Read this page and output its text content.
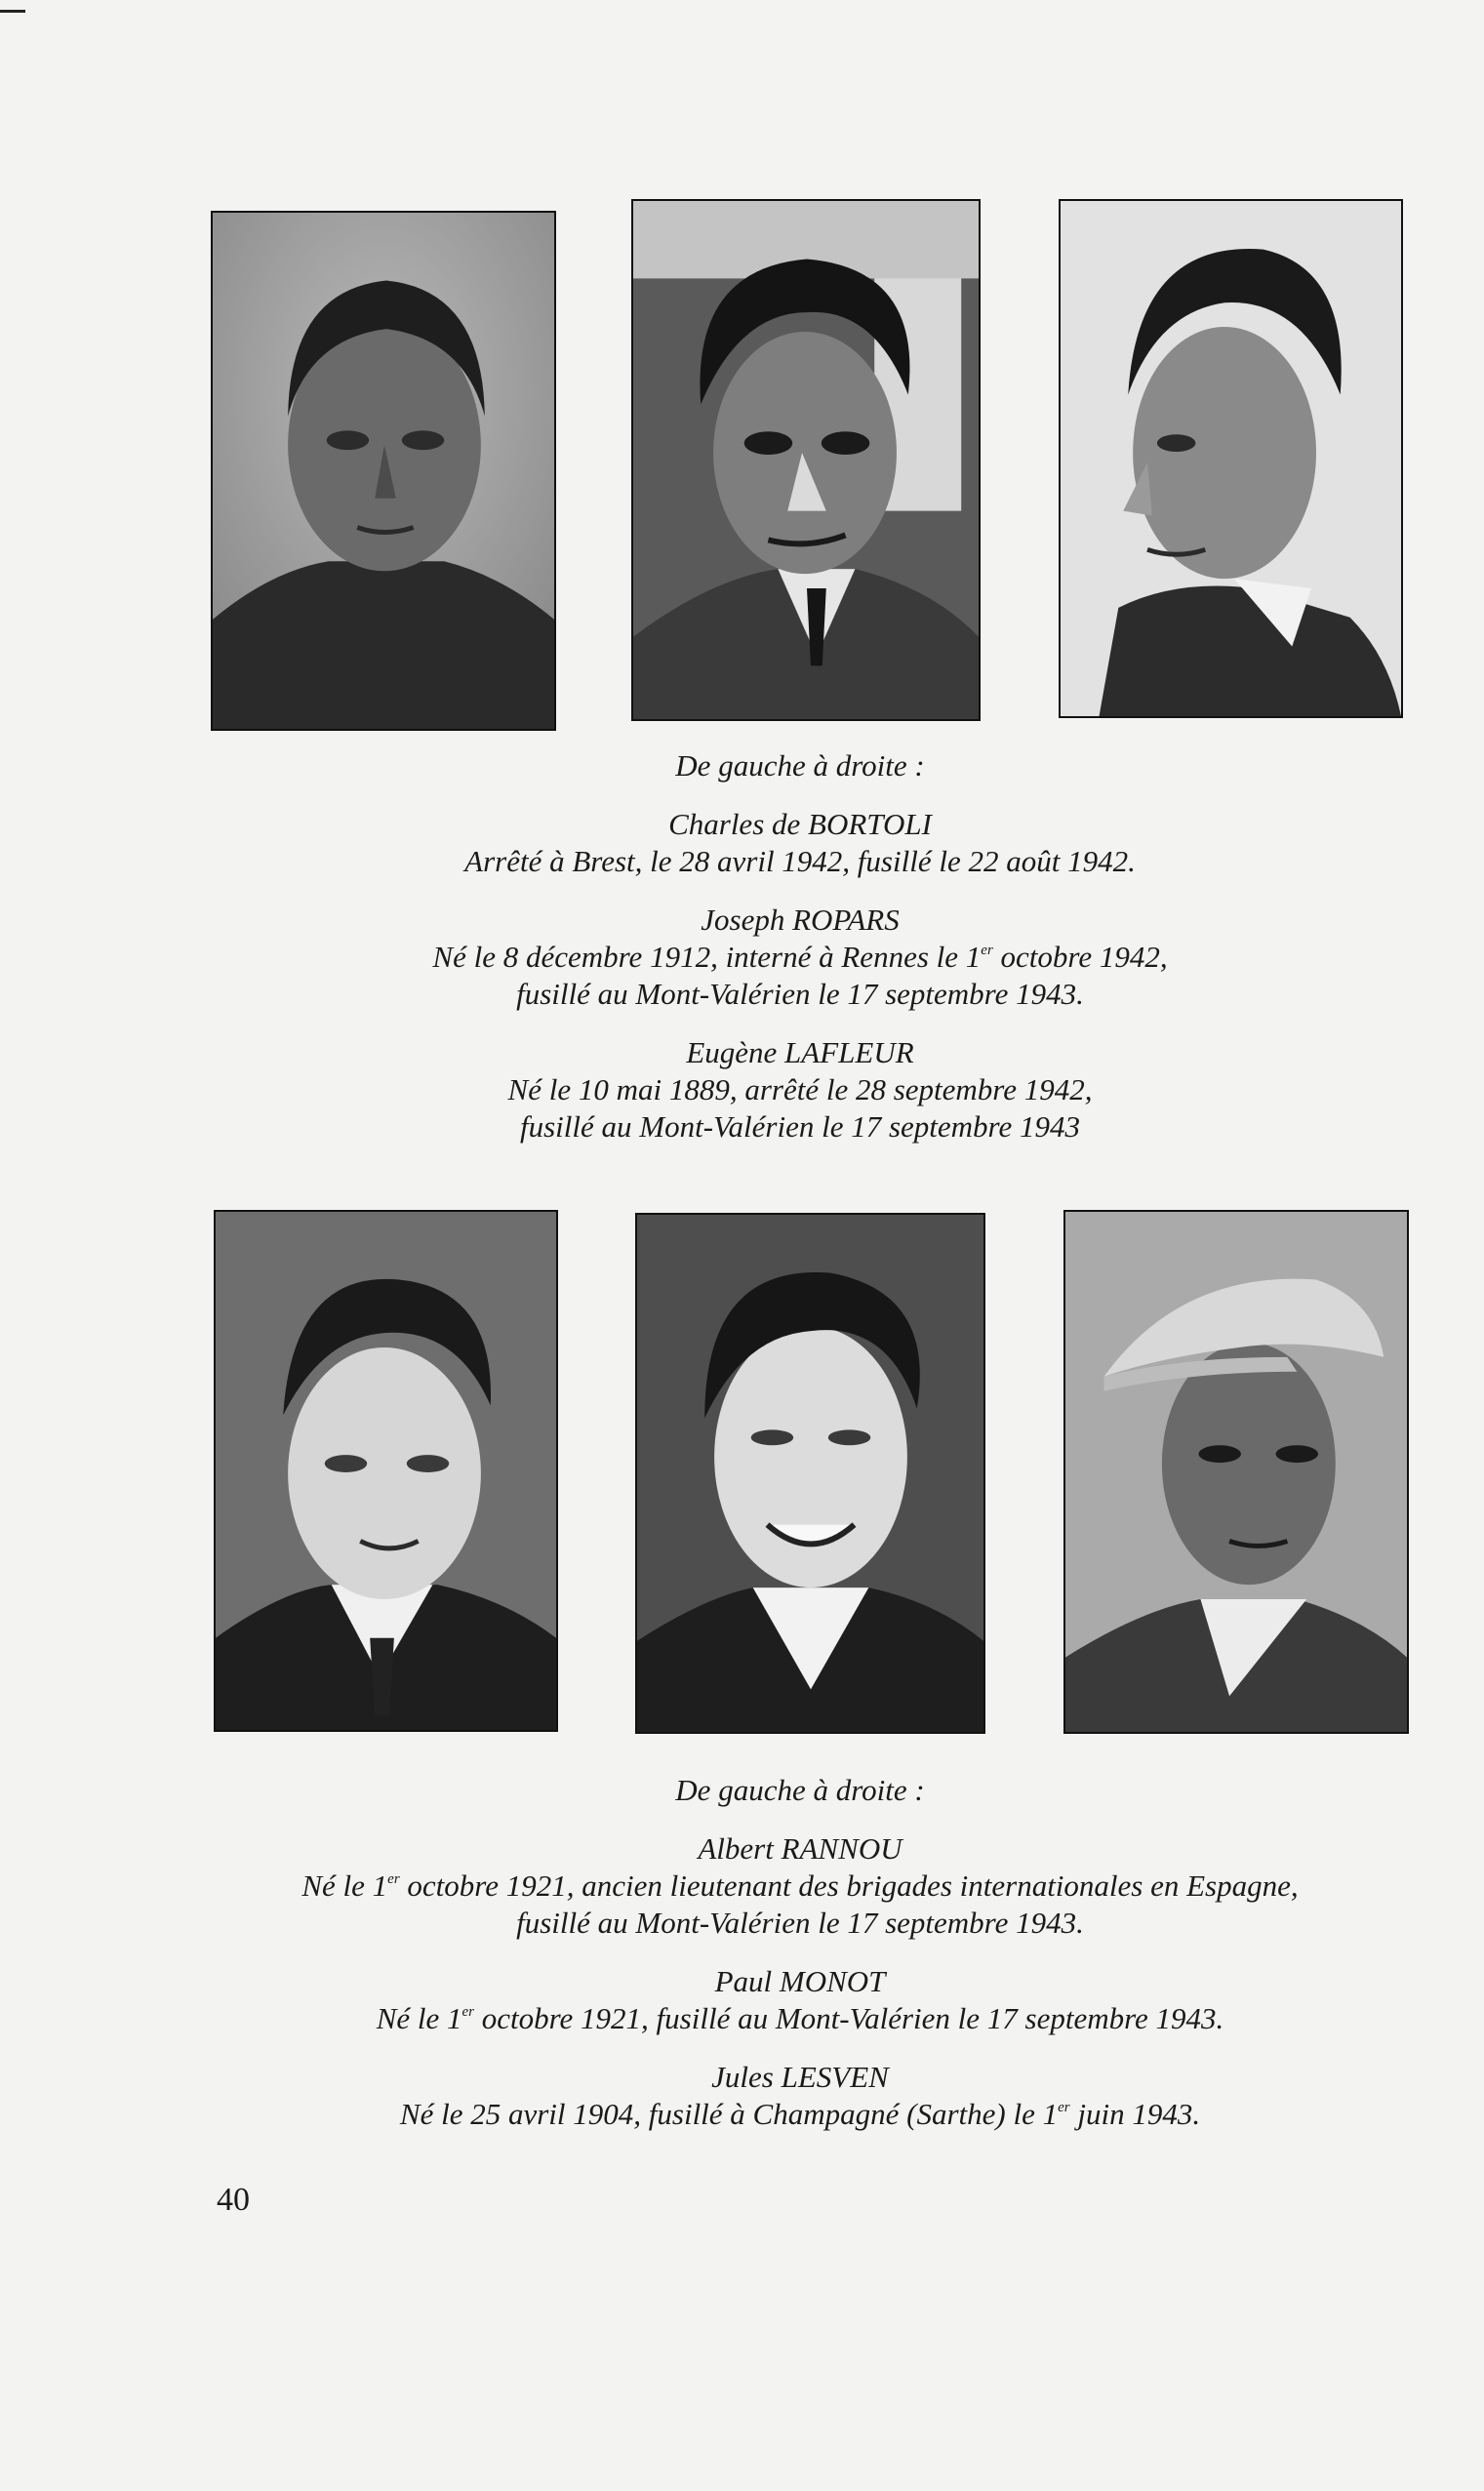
De gauche à droite :

Charles de BORTOLI

Arrêté à Brest, le 28 avril 1942, fusillé le 22 août 1942.

Joseph ROPARS

Né le 8 décembre 1912, interné à Rennes le 1er octobre 1942,

fusillé au Mont-Valérien le 17 septembre 1943.

Eugène LAFLEUR

Né le 10 mai 1889, arrêté le 28 septembre 1942,

fusillé au Mont-Valérien le 17 septembre 1943

De gauche à droite :

Albert RANNOU

Né le 1er octobre 1921, ancien lieutenant des brigades internationales en Espagne,

fusillé au Mont-Valérien le 17 septembre 1943.

Paul MONOT

Né le 1er octobre 1921, fusillé au Mont-Valérien le 17 septembre 1943.

Jules LESVEN

Né le 25 avril 1904, fusillé à Champagné (Sarthe) le 1er juin 1943.

40
